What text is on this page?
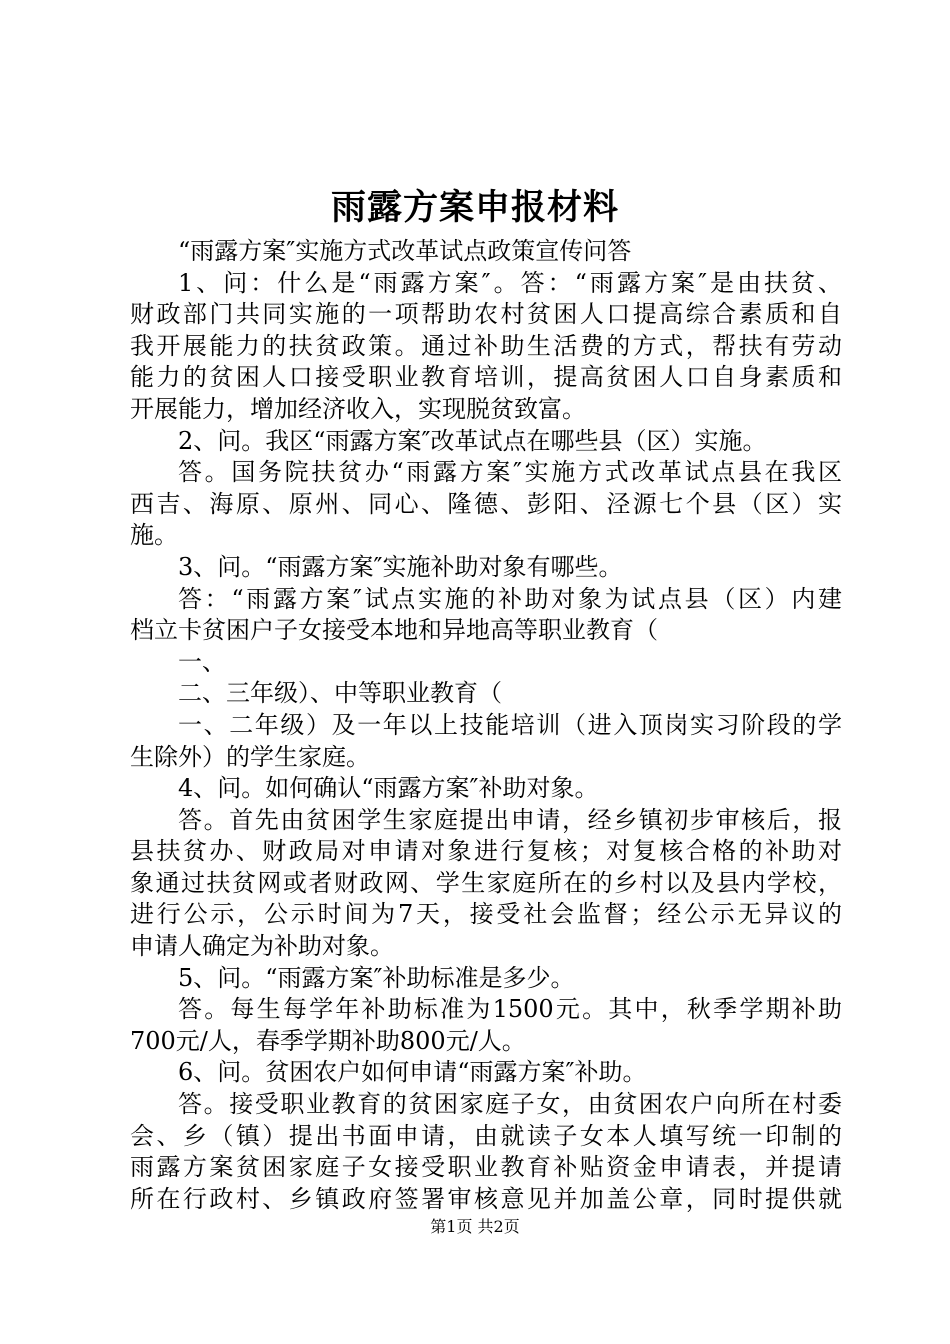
雨露方案申报材料
“雨露方案″实施方式改革试点政策宣传问答
1、问：什么是“雨露方案″。答：“雨露方案″是由扶贫、
财政部门共同实施的一项帮助农村贫困人口提高综合素质和自
我开展能力的扶贫政策。通过补助生活费的方式，帮扶有劳动
能力的贫困人口接受职业教育培训，提高贫困人口自身素质和
开展能力，增加经济收入，实现脱贫致富。
2、问。我区“雨露方案″改革试点在哪些县（区）实施。
答。国务院扶贫办“雨露方案″实施方式改革试点县在我区
西吉、海原、原州、同心、隆德、彭阳、泾源七个县（区）实
施。
3、问。“雨露方案″实施补助对象有哪些。
答：“雨露方案″试点实施的补助对象为试点县（区）内建
档立卡贫困户子女接受本地和异地高等职业教育（
一、
二、三年级）、中等职业教育（
一、二年级）及一年以上技能培训（进入顶岗实习阶段的学
生除外）的学生家庭。
4、问。如何确认“雨露方案″补助对象。
答。首先由贫困学生家庭提出申请，经乡镇初步审核后，报
县扶贫办、财政局对申请对象进行复核；对复核合格的补助对
象通过扶贫网或者财政网、学生家庭所在的乡村以及县内学校，
进行公示，公示时间为7天，接受社会监督；经公示无异议的
申请人确定为补助对象。
5、问。“雨露方案″补助标准是多少。
答。每生每学年补助标准为1500元。其中，秋季学期补助
700元/人，春季学期补助800元/人。
6、问。贫困农户如何申请“雨露方案″补助。
答。接受职业教育的贫困家庭子女，由贫困农户向所在村委
会、乡（镇）提出书面申请，由就读子女本人填写统一印制的
雨露方案贫困家庭子女接受职业教育补贴资金申请表，并提请
所在行政村、乡镇政府签署审核意见并加盖公章，同时提供就
第1页 共2页
